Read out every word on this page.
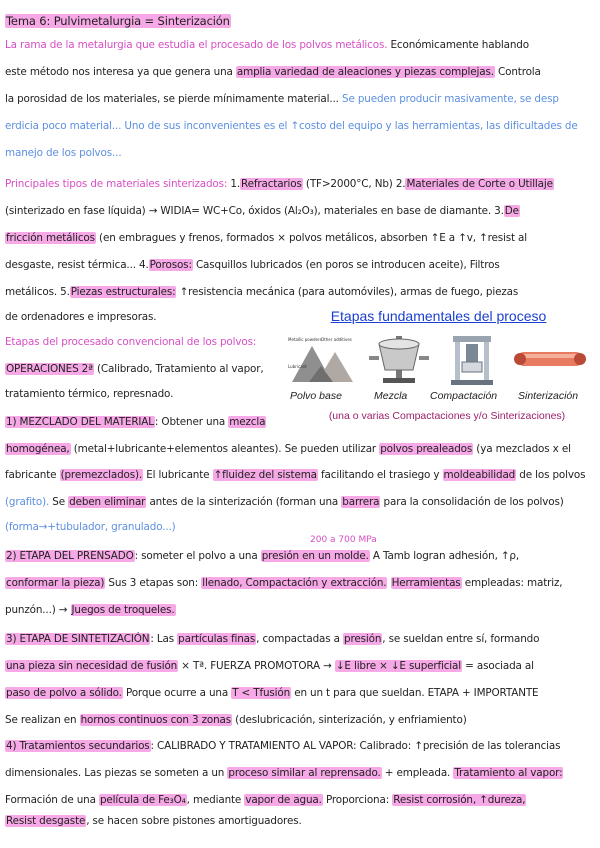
Tema 6: Pulvimetalurgia = Sinterización
La rama de la metalurgia que estudia el procesado de los polvos metálicos. Económicamente hablando
este método nos interesa ya que genera una amplia variedad de aleaciones y piezas complejas. Controla
la porosidad de los materiales, se pierde mínimamente material... Se pueden producir masivamente, se desp
erdicia poco material... Uno de sus inconvenientes es el ↑costo del equipo y las herramientas, las dificultades de
manejo de los polvos...
Principales tipos de materiales sinterizados: 1.Refractarios (TF>2000°C, Nb) 2.Materiales de Corte o Utillaje
(sinterizado en fase líquida) → WIDIA= WC+Co, óxidos (Al₂O₃), materiales en base de diamante. 3.De
fricción metálicos (en embragues y frenos, formados × polvos metálicos, absorben ↑E a ↑v, ↑resist al
desgaste, resist térmica... 4.Porosos: Casquillos lubricados (en poros se introducen aceite), Filtros
metálicos. 5.Piezas estructurales: ↑resistencia mecánica (para automóviles), armas de fuego, piezas
de ordenadores e impresoras.
Etapas del procesado convencional de los polvos:
OPERACIONES 2ª (Calibrado, Tratamiento al vapor,
tratamiento térmico, represnado.
1) MEZCLADO DEL MATERIAL: Obtener una mezcla
homogénea, (metal+lubricante+elementos aleantes). Se pueden utilizar polvos prealeados (ya mezclados x el
fabricante (premezclados). El lubricante ↑fluidez del sistema facilitando el trasiego y moldeabilidad de los polvos
(grafito). Se deben eliminar antes de la sinterización (forman una barrera para la consolidación de los polvos)
(forma→+tubulador, granulado...)
2) ETAPA DEL PRENSADO: someter el polvo a una presión en un molde. A Tamb logran adhesión, ↑ρ,
conformar la pieza) Sus 3 etapas son: llenado, Compactación y extracción. Herramientas empleadas: matriz,
punzón...) → Juegos de troqueles.
3) ETAPA DE SINTETIZACIÓN: Las partículas finas, compactadas a presión, se sueldan entre sí, formando
una pieza sin necesidad de fusión × Tª. FUERZA PROMOTORA → ↓E libre × ↓E superficial = asociada al
paso de polvo a sólido. Porque ocurre a una T < Tfusión en un t para que sueldan. ETAPA + IMPORTANTE
Se realizan en hornos continuos con 3 zonas (deslubricación, sinterización, y enfriamiento)
4) Tratamientos secundarios: CALIBRADO Y TRATAMIENTO AL VAPOR: Calibrado: ↑precisión de las tolerancias
dimensionales. Las piezas se someten a un proceso similar al reprensado. + empleada. Tratamiento al vapor:
Formación de una película de Fe₃O₄, mediante vapor de agua. Proporciona: Resist corrosión, ↑dureza,
Resist desgaste, se hacen sobre pistones amortiguadores.
200 a 700 MPa
Etapas fundamentales del proceso
Metallic powders Other additives
Lubricant
Polvo base	Mezcla Compactación Sinterización
(una o varias Compactaciones y/o Sinterizaciones)
